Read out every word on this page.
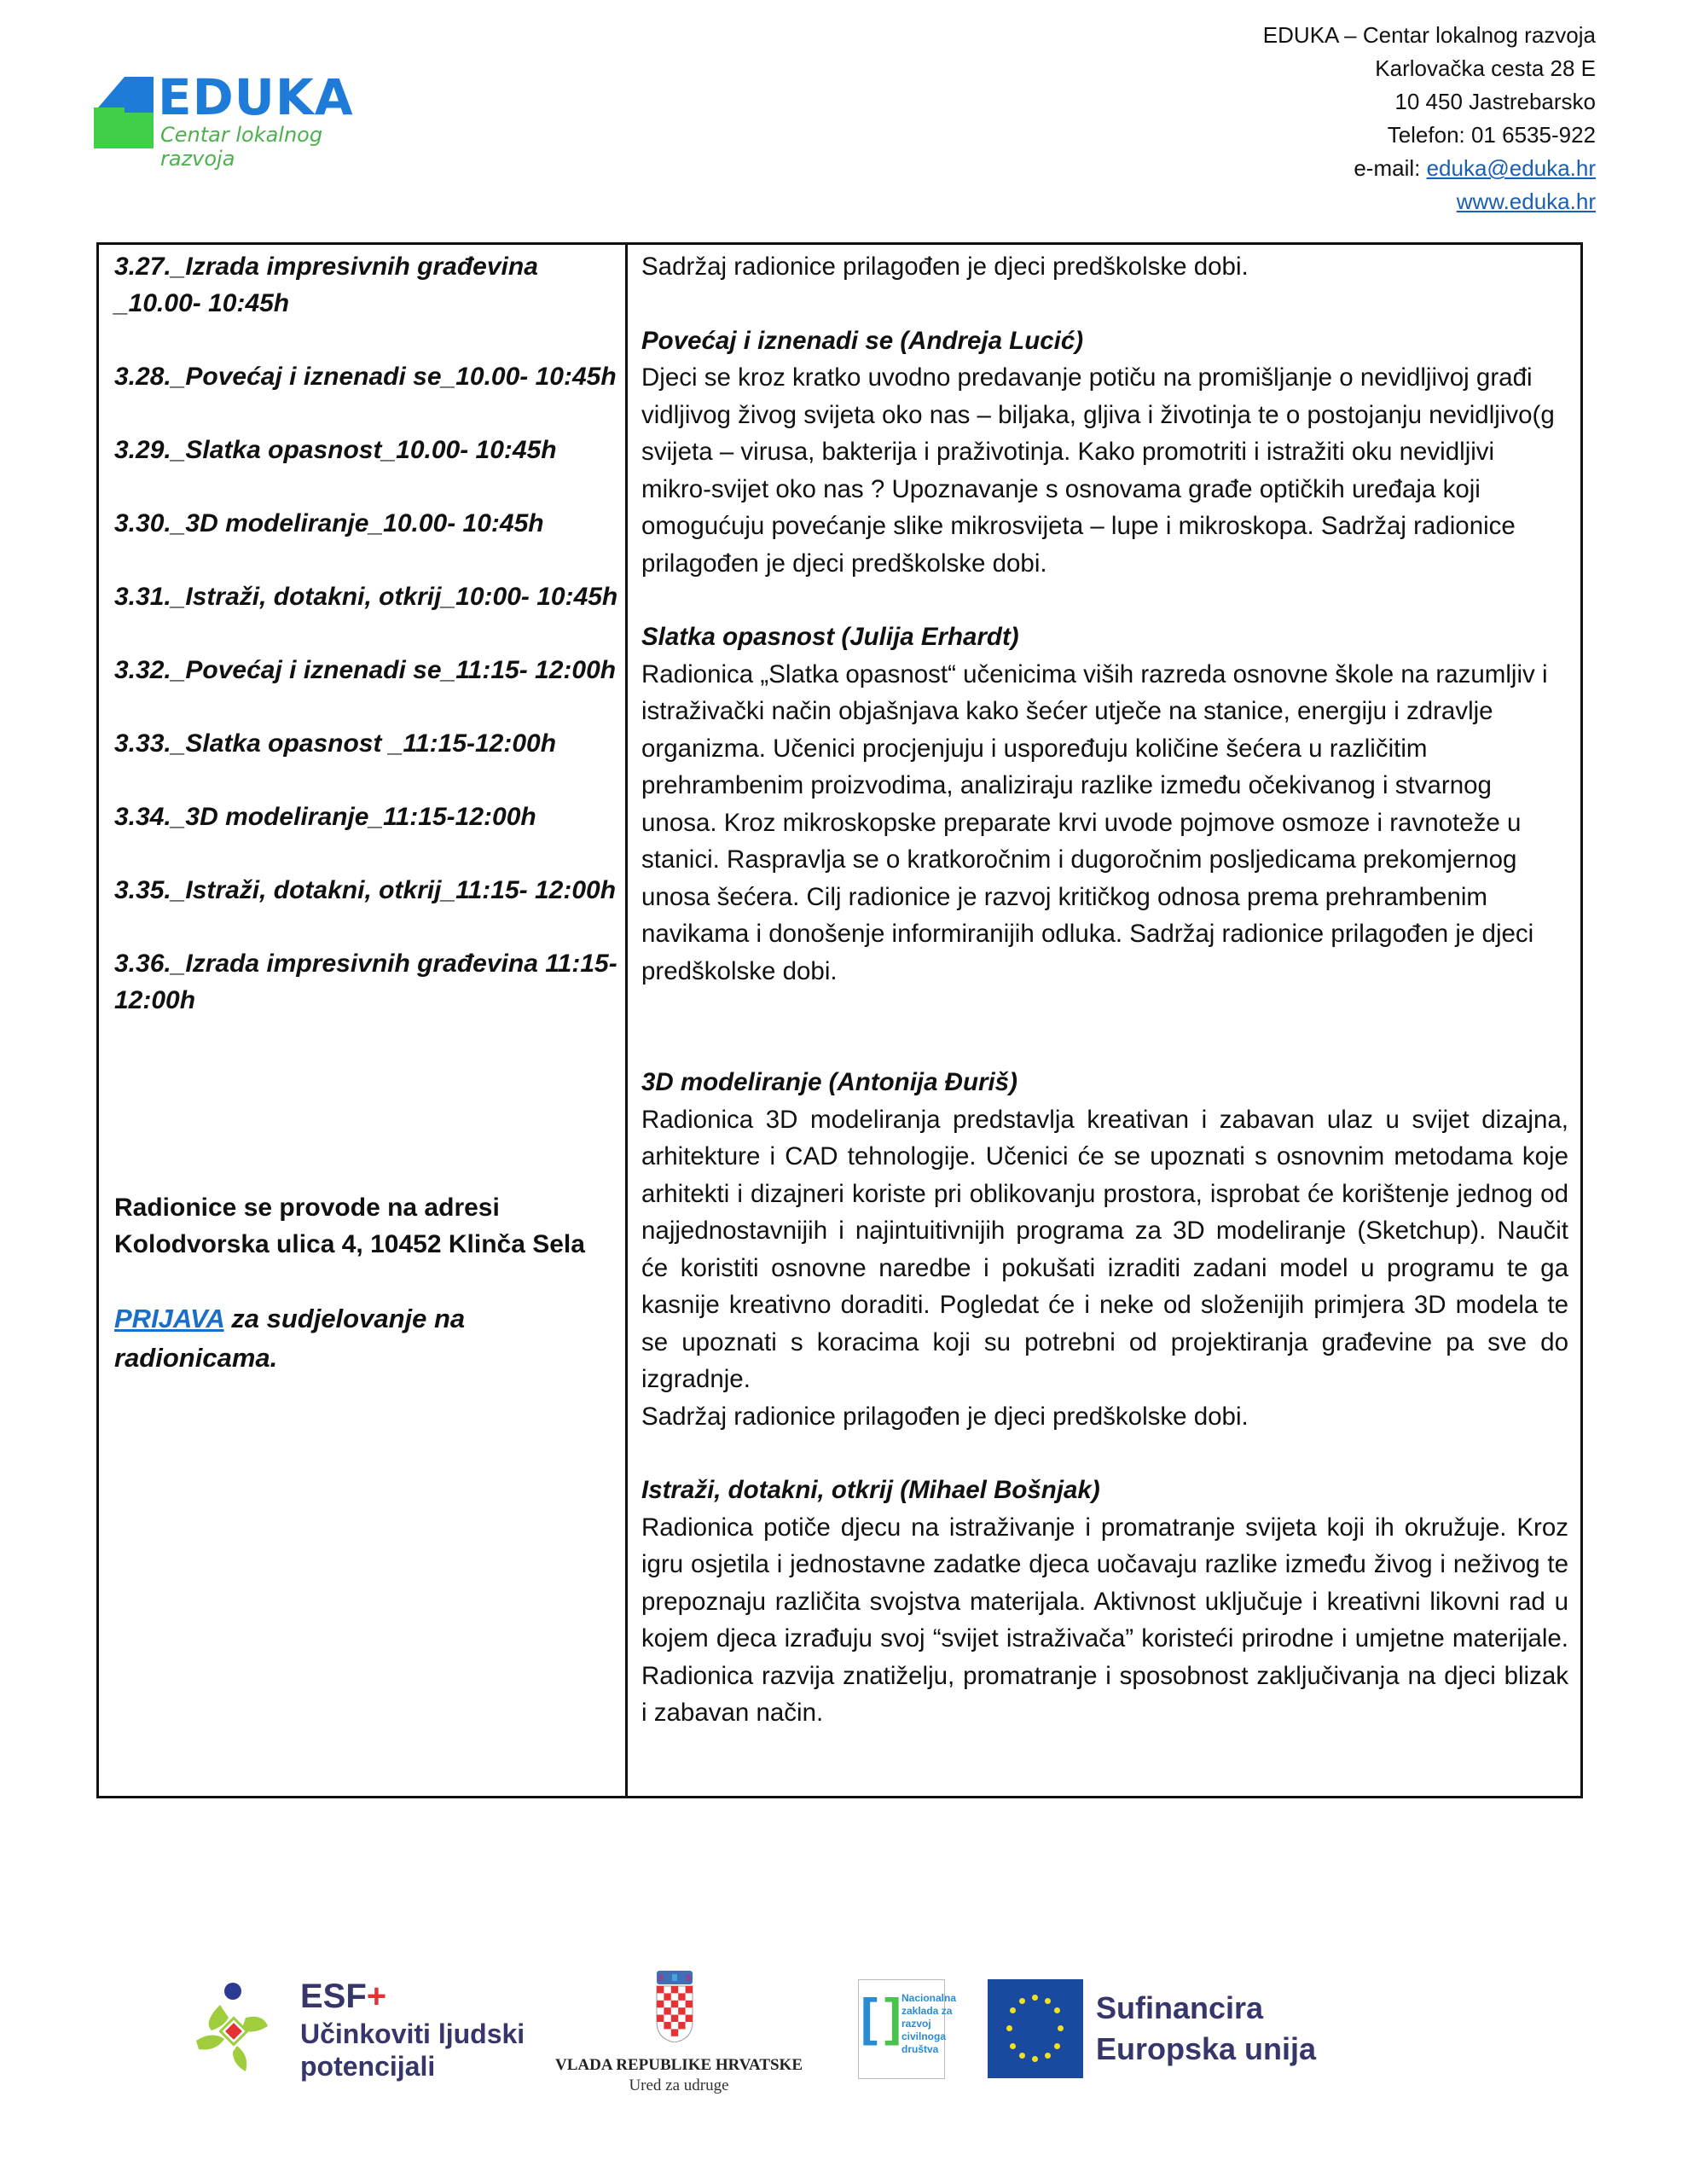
EDUKA
Centar lokalnog razvoja
EDUKA – Centar lokalnog razvoja
Karlovačka cesta 28 E
10 450 Jastrebarsko
Telefon: 01 6535-922
e-mail: eduka@eduka.hr
www.eduka.hr

3.27._Izrada impresivnih građevina _10.00- 10:45h

3.28._Povećaj i iznenadi se_10.00- 10:45h

3.29._Slatka opasnost_10.00- 10:45h

3.30._3D modeliranje_10.00- 10:45h

3.31._Istraži, dotakni, otkrij_10:00- 10:45h

3.32._Povećaj i iznenadi se_11:15- 12:00h

3.33._Slatka opasnost _11:15-12:00h

3.34._3D modeliranje_11:15-12:00h

3.35._Istraži, dotakni, otkrij_11:15- 12:00h

3.36._Izrada impresivnih građevina 11:15-12:00h

Radionice se provode na adresi

Kolodvorska ulica 4, 10452 Klinča Sela

PRIJAVA za sudjelovanje na radionicama.

Sadržaj radionice prilagođen je djeci predškolske dobi.

Povećaj i iznenadi se (Andreja Lucić)

Djeci se kroz kratko uvodno predavanje potiču na promišljanje o nevidljivoj građi vidljivog živog svijeta oko nas – biljaka, gljiva i životinja te o postojanju nevidljivo(g svijeta – virusa, bakterija i praživotinja. Kako promotriti i istražiti oku nevidljivi mikro-svijet oko nas ? Upoznavanje s osnovama građe optičkih uređaja koji omogućuju povećanje slike mikrosvijeta – lupe i mikroskopa. Sadržaj radionice prilagođen je djeci predškolske dobi.

Slatka opasnost (Julija Erhardt)

Radionica „Slatka opasnost“ učenicima viših razreda osnovne škole na razumljiv i istraživački način objašnjava kako šećer utječe na stanice, energiju i zdravlje organizma. Učenici procjenjuju i uspoređuju količine šećera u različitim prehrambenim proizvodima, analiziraju razlike između očekivanog i stvarnog unosa. Kroz mikroskopske preparate krvi uvode pojmove osmoze i ravnoteže u stanici. Raspravlja se o kratkoročnim i dugoročnim posljedicama prekomjernog unosa šećera. Cilj radionice je razvoj kritičkog odnosa prema prehrambenim navikama i donošenje informiranijih odluka. Sadržaj radionice prilagođen je djeci predškolske dobi.

3D modeliranje (Antonija Đuriš)

Radionica 3D modeliranja predstavlja kreativan i zabavan ulaz u svijet dizajna, arhitekture i CAD tehnologije. Učenici će se upoznati s osnovnim metodama koje arhitekti i dizajneri koriste pri oblikovanju prostora, isprobat će korištenje jednog od najjednostavnijih i najintuitivnijih programa za 3D modeliranje (Sketchup). Naučit će koristiti osnovne naredbe i pokušati izraditi zadani model u programu te ga kasnije kreativno doraditi. Pogledat će i neke od složenijih primjera 3D modela te se upoznati s koracima koji su potrebni od projektiranja građevine pa sve do izgradnje.

Sadržaj radionice prilagođen je djeci predškolske dobi.

Istraži, dotakni, otkrij (Mihael Bošnjak)

Radionica potiče djecu na istraživanje i promatranje svijeta koji ih okružuje. Kroz igru osjetila i jednostavne zadatke djeca uočavaju razlike između živog i neživog te prepoznaju različita svojstva materijala. Aktivnost uključuje i kreativni likovni rad u kojem djeca izrađuju svoj “svijet istraživača” koristeći prirodne i umjetne materijale. Radionica razvija znatiželju, promatranje i sposobnost zaključivanja na djeci blizak i zabavan način.

ESF+
Učinkoviti ljudski
potencijali	VLADA REPUBLIKE HRVATSKE
Ured za udruge
[ ] Nacionalna
zaklada za
razvoj
civilnoga
društva
Sufinancira
Europska unija
